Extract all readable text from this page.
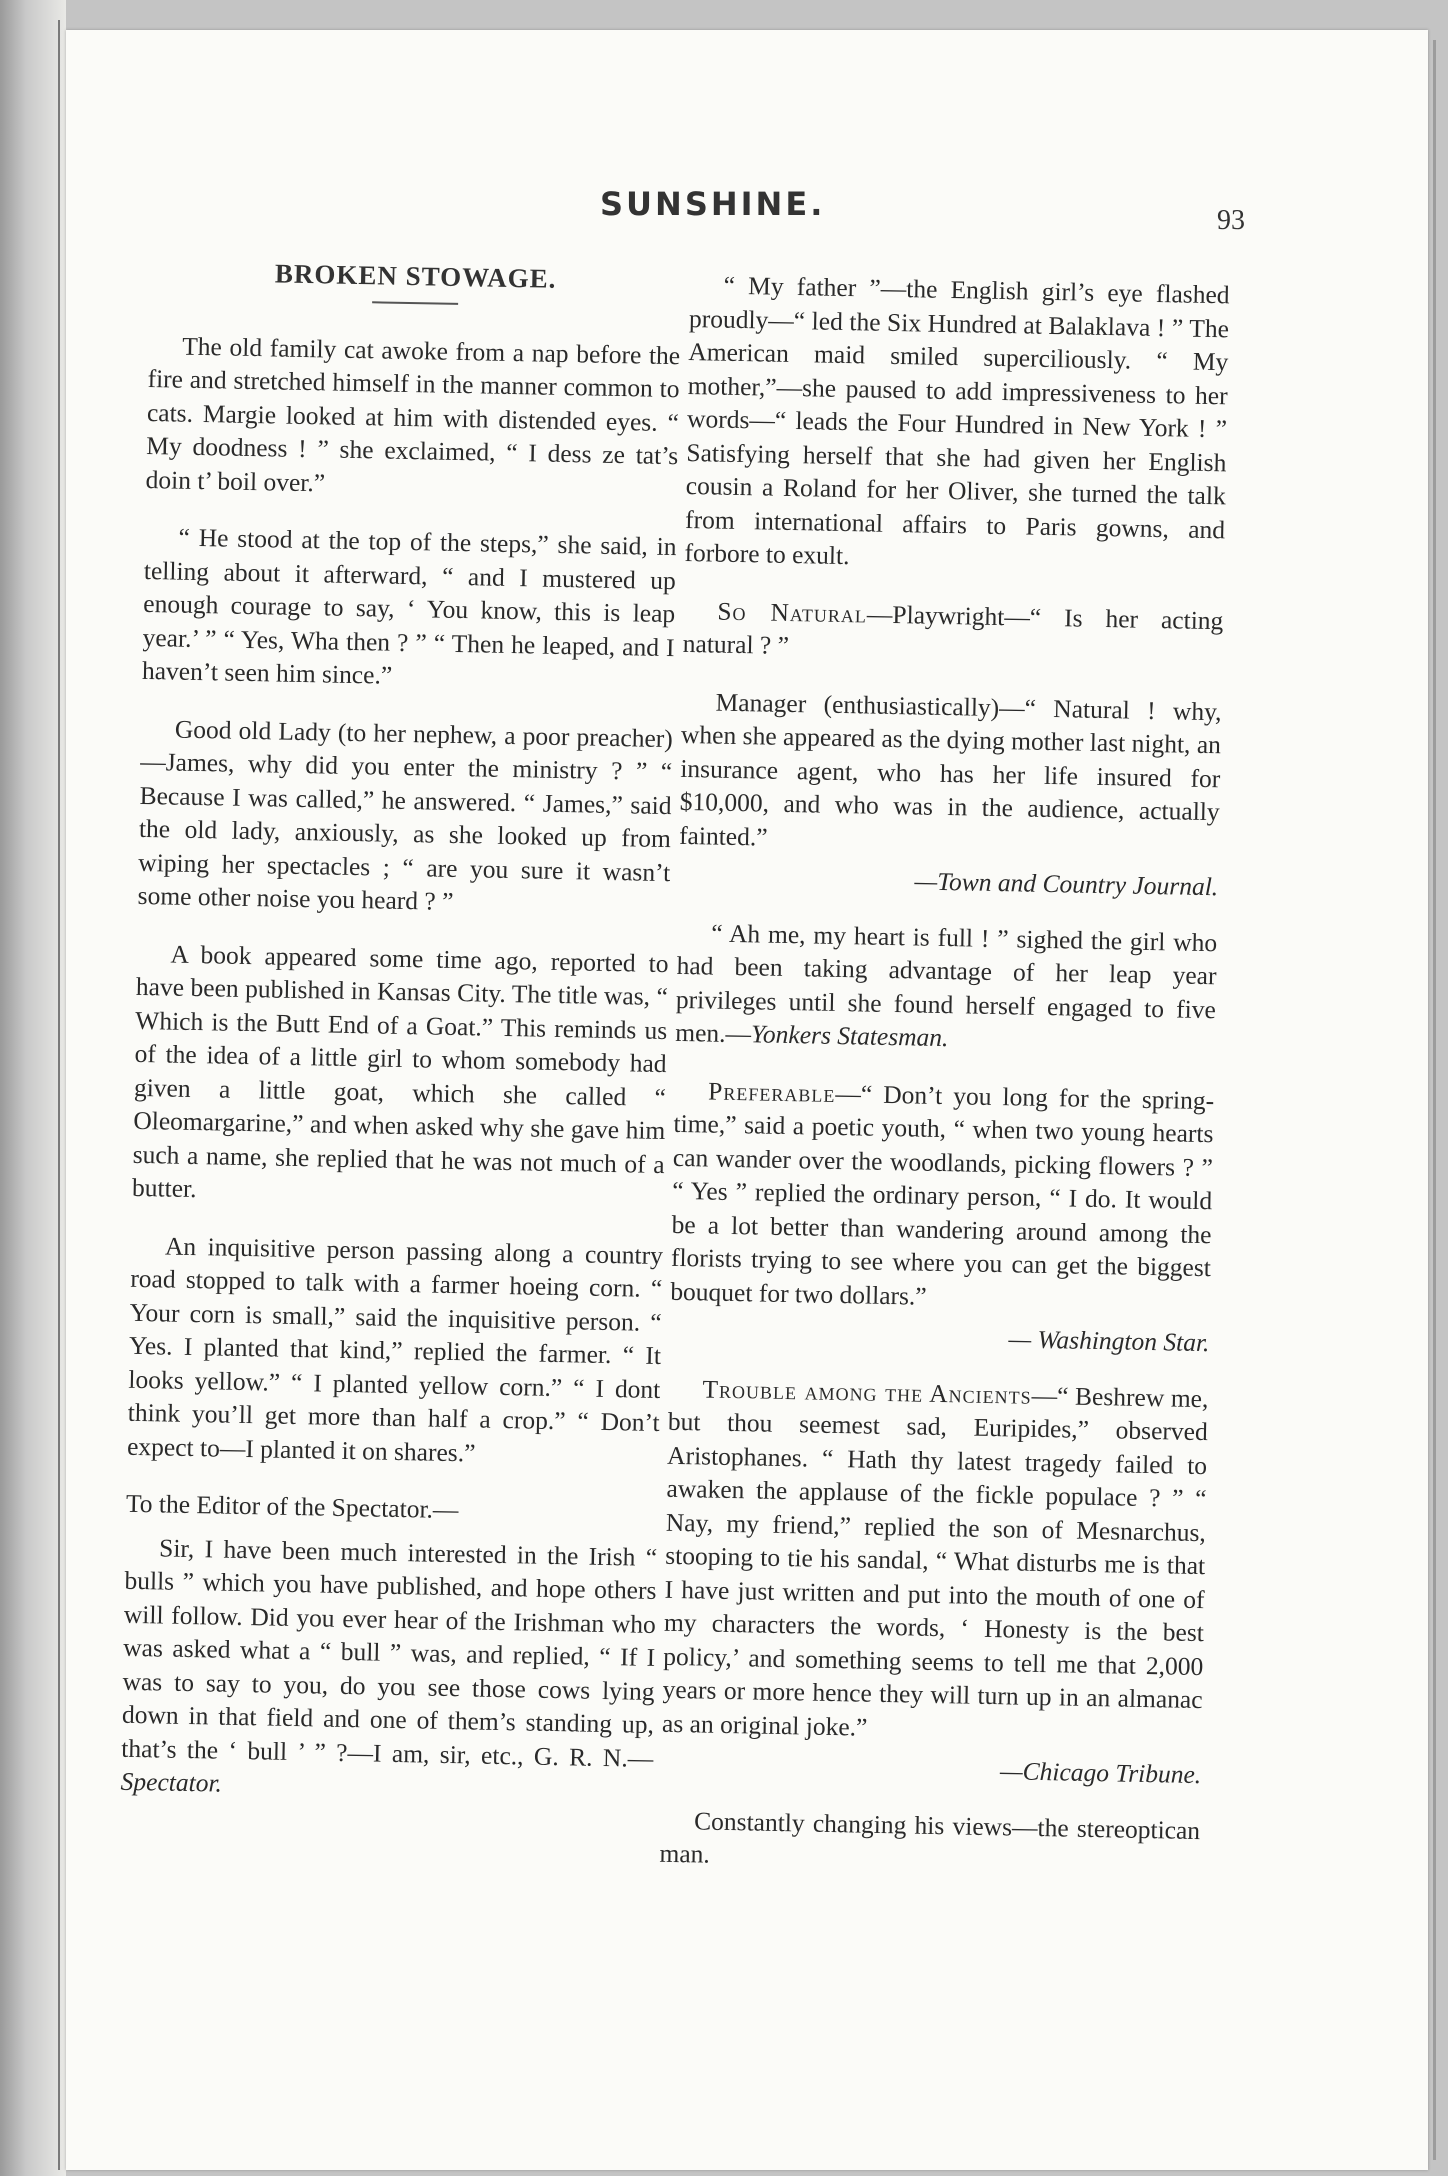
SUNSHINE.	93
BROKEN STOWAGE.

The old family cat awoke from a nap before the fire and stretched himself in the manner common to cats. Margie looked at him with distended eyes. “ My doodness ! ” she exclaimed, “ I dess ze tat’s doin t’ boil over.”

“ He stood at the top of the steps,” she said, in telling about it afterward, “ and I mustered up enough courage to say, ‘ You know, this is leap year.’ ” “ Yes, Wha then ? ” “ Then he leaped, and I haven’t seen him since.”

Good old Lady (to her nephew, a poor preacher)—James, why did you enter the ministry ? ” “ Because I was called,” he answered. “ James,” said the old lady, anxiously, as she looked up from wiping her spectacles ; “ are you sure it wasn’t some other noise you heard ? ”

A book appeared some time ago, reported to have been published in Kansas City. The title was, “ Which is the Butt End of a Goat.” This reminds us of the idea of a little girl to whom somebody had given a little goat, which she called “ Oleomargarine,” and when asked why she gave him such a name, she replied that he was not much of a butter.

An inquisitive person passing along a country road stopped to talk with a farmer hoeing corn. “ Your corn is small,” said the inquisitive person. “ Yes. I planted that kind,” replied the farmer. “ It looks yellow.” “ I planted yellow corn.” “ I dont think you’ll get more than half a crop.” “ Don’t expect to—I planted it on shares.”

To the Editor of the Spectator.—

Sir, I have been much interested in the Irish “ bulls ” which you have published, and hope others will follow. Did you ever hear of the Irishman who was asked what a “ bull ” was, and replied, “ If I was to say to you, do you see those cows lying down in that field and one of them’s standing up, that’s the ‘ bull ’ ” ?—I am, sir, etc., G. R. N.—Spectator.

“ My father ”—the English girl’s eye flashed proudly—“ led the Six Hundred at Balaklava ! ” The American maid smiled superciliously. “ My mother,”—she paused to add impressiveness to her words—“ leads the Four Hundred in New York ! ” Satisfying herself that she had given her English cousin a Roland for her Oliver, she turned the talk from international affairs to Paris gowns, and forbore to exult.

So Natural—Playwright—“ Is her acting natural ? ”

Manager (enthusiastically)—“ Natural ! why, when she appeared as the dying mother last night, an insurance agent, who has her life insured for $10,000, and who was in the audience, actually fainted.”

—Town and Country Journal.

“ Ah me, my heart is full ! ” sighed the girl who had been taking advantage of her leap year privileges until she found herself engaged to five men.—Yonkers Statesman.

Preferable—“ Don’t you long for the spring-time,” said a poetic youth, “ when two young hearts can wander over the woodlands, picking flowers ? ” “ Yes ” replied the ordinary person, “ I do. It would be a lot better than wandering around among the florists trying to see where you can get the biggest bouquet for two dollars.”

— Washington Star.

Trouble among the Ancients—“ Beshrew me, but thou seemest sad, Euripides,” observed Aristophanes. “ Hath thy latest tragedy failed to awaken the applause of the fickle populace ? ” “ Nay, my friend,” replied the son of Mesnarchus, stooping to tie his sandal, “ What disturbs me is that I have just written and put into the mouth of one of my characters the words, ‘ Honesty is the best policy,’ and something seems to tell me that 2,000 years or more hence they will turn up in an almanac as an original joke.”

—Chicago Tribune.

Constantly changing his views—the stereoptican man.
